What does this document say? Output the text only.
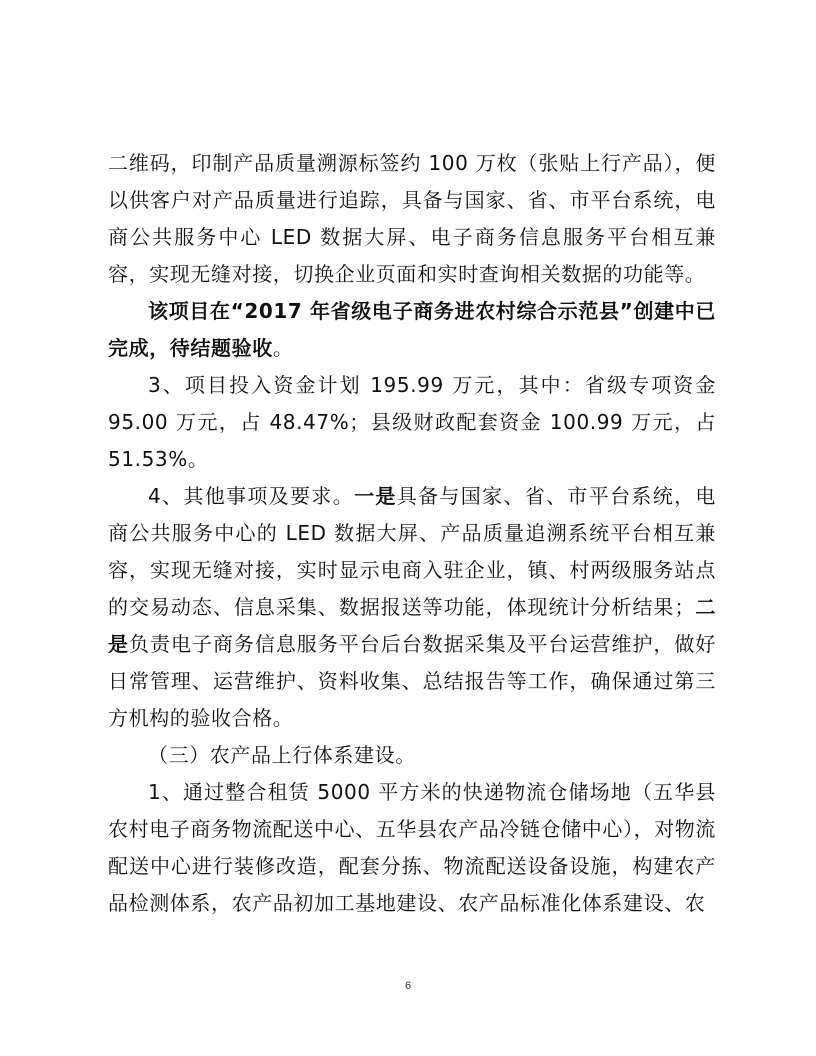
二维码，印制产品质量溯源标签约 100 万枚（张贴上行产品），便以供客户对产品质量进行追踪，具备与国家、省、市平台系统，电商公共服务中心 LED 数据大屏、电子商务信息服务平台相互兼容，实现无缝对接，切换企业页面和实时查询相关数据的功能等。

该项目在“2017 年省级电子商务进农村综合示范县”创建中已完成，待结题验收。

3、项目投入资金计划 195.99 万元，其中：省级专项资金 95.00 万元，占 48.47%；县级财政配套资金 100.99 万元，占 51.53%。

4、其他事项及要求。一是具备与国家、省、市平台系统，电商公共服务中心的 LED 数据大屏、产品质量追溯系统平台相互兼容，实现无缝对接，实时显示电商入驻企业，镇、村两级服务站点的交易动态、信息采集、数据报送等功能，体现统计分析结果；二是负责电子商务信息服务平台后台数据采集及平台运营维护，做好日常管理、运营维护、资料收集、总结报告等工作，确保通过第三方机构的验收合格。

（三）农产品上行体系建设。

1、通过整合租赁 5000 平方米的快递物流仓储场地（五华县农村电子商务物流配送中心、五华县农产品冷链仓储中心），对物流配送中心进行装修改造，配套分拣、物流配送设备设施，构建农产品检测体系，农产品初加工基地建设、农产品标准化体系建设、农

6
